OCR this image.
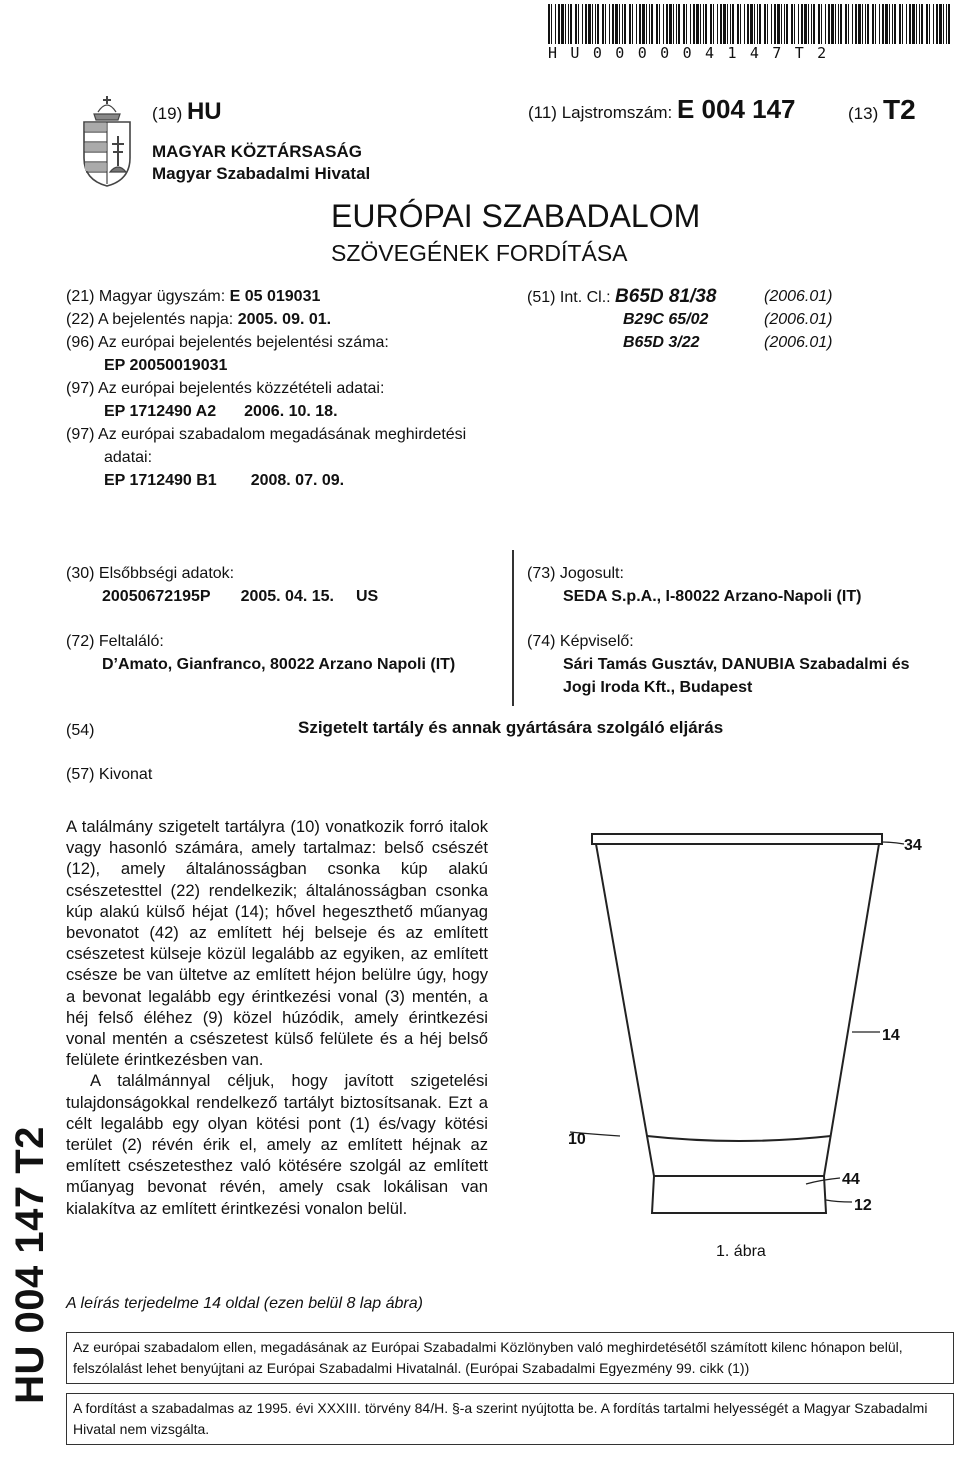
HU000004147T2
(19) HU	(11) Lajstromszám: E 004 147	(13) T2
MAGYAR KÖZTÁRSASÁG
Magyar Szabadalmi Hivatal
EURÓPAI SZABADALOM
SZÖVEGÉNEK FORDÍTÁSA
(21) Magyar ügyszám: E 05 019031
(22) A bejelentés napja: 2005. 09. 01.
(96) Az európai bejelentés bejelentési száma:
EP 20050019031
(97) Az európai bejelentés közzétételi adatai:
EP 1712490 A2 2006. 10. 18.
(97) Az európai szabadalom megadásának meghirdetési
adatai:
EP 1712490 B1 2008. 07. 09.
(51) Int. Cl.: B65D 81/38	(2006.01)
B29C 65/02	(2006.01)
B65D 3/22	(2006.01)
(30) Elsőbbségi adatok:
20050672195P 2005. 04. 15. US
(72) Feltaláló:
D’Amato, Gianfranco, 80022 Arzano Napoli (IT)
(73) Jogosult:
SEDA S.p.A., I-80022 Arzano-Napoli (IT)
(74) Képviselő:
Sári Tamás Gusztáv, DANUBIA Szabadalmi és
Jogi Iroda Kft., Budapest
(54)	Szigetelt tartály és annak gyártására szolgáló eljárás
(57) Kivonat

A találmány szigetelt tartályra (10) vonatkozik forró italok vagy hasonló számára, amely tartalmaz: belső csészét (12), amely általánosságban csonka kúp alakú csészetesttel (22) rendelkezik; általánosságban csonka kúp alakú külső héjat (14); hővel hegeszthető műanyag bevonatot (42) az említett héj belseje és az említett csészetest külseje közül legalább az egyiken, az említett csésze be van ültetve az említett héjon belülre úgy, hogy a bevonat legalább egy érintkezési vonal (3) mentén, a héj felső éléhez (9) közel húzódik, amely érintkezési vonal mentén a csészetest külső felülete és a héj belső felülete érintkezésben van.

A találmánnyal céljuk, hogy javított szigetelési tulajdonságokkal rendelkező tartályt biztosítsanak. Ezt a célt legalább egy olyan kötési pont (1) és/vagy kötési terület (2) révén érik el, amely az említett héjnak az említett csészetesthez való kötésére szolgál az említett műanyag bevonat révén, amely csak lokálisan van kialakítva az említett érintkezési vonalon belül.

34
14
10
44
12
1. ábra
A leírás terjedelme 14 oldal (ezen belül 8 lap ábra)
Az európai szabadalom ellen, megadásának az Európai Szabadalmi Közlönyben való meghirdetésétől számított kilenc hónapon belül, felszólalást lehet benyújtani az Európai Szabadalmi Hivatalnál. (Európai Szabadalmi Egyezmény 99. cikk (1))
A fordítást a szabadalmas az 1995. évi XXXIII. törvény 84/H. §-a szerint nyújtotta be. A fordítás tartalmi helyességét a Magyar Szabadalmi Hivatal nem vizsgálta.
HU 004 147 T2
